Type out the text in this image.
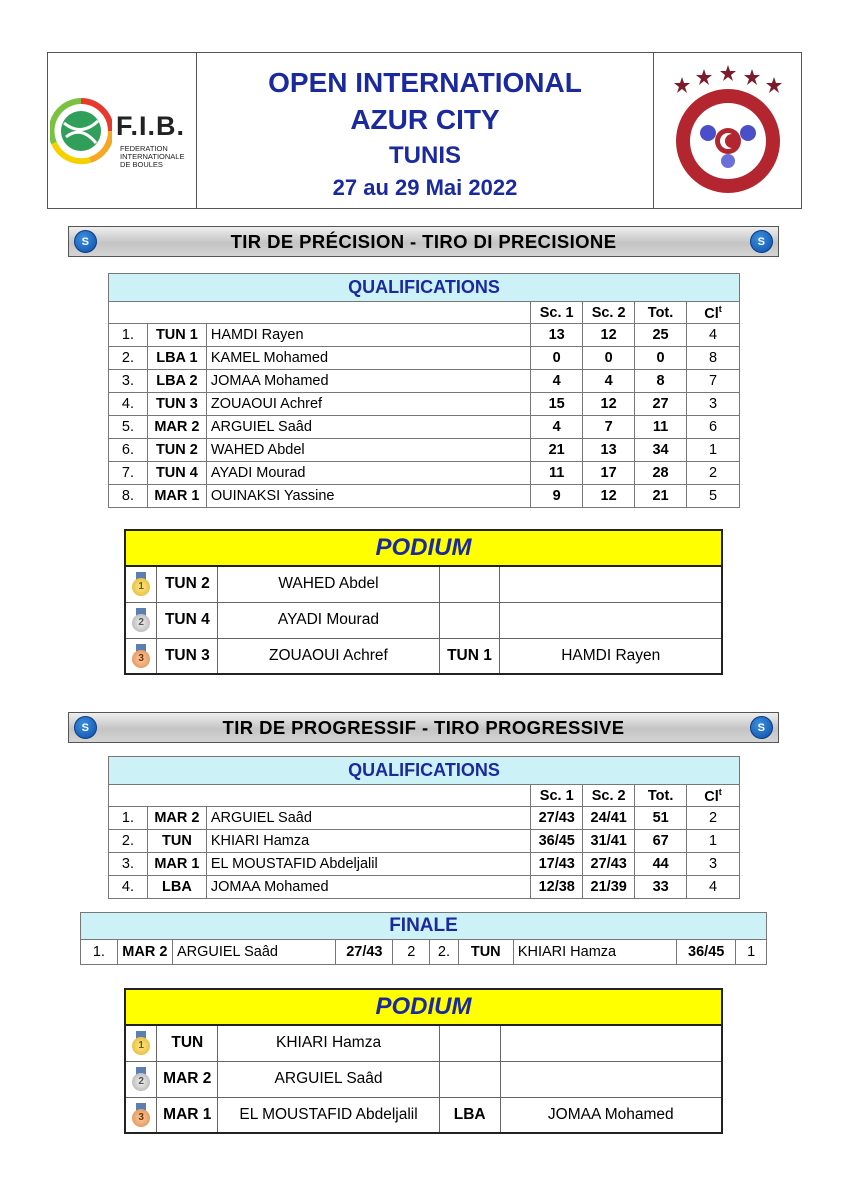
F.I.B.
FEDERATION
INTERNATIONALE
DE BOULES

OPEN INTERNATIONAL
AZUR CITY
TUNIS
27 au 29 Mai 2022

S	TIR DE PRÉCISION - TIRO DI PRECISIONE	S
QUALIFICATIONS						
			Sc. 1	Sc. 2	Tot.	Cl$^t$
1.	TUN 1	HAMDI Rayen	13	12	25	4
2.	LBA 1	KAMEL Mohamed	0	0	0	8
3.	LBA 2	JOMAA Mohamed	4	4	8	7
4.	TUN 3	ZOUAOUI Achref	15	12	27	3
5.	MAR 2	ARGUIEL Saâd	4	7	11	6
6.	TUN 2	WAHED Abdel	21	13	34	1
7.	TUN 4	AYADI Mourad	11	17	28	2
8.	MAR 1	OUINAKSI Yassine	9	12	21	5
PODIUM				

1	TUN 2	WAHED Abdel		

2	TUN 4	AYADI Mourad		

3	TUN 3	ZOUAOUI Achref	TUN 1	HAMDI Rayen
S	TIR DE PROGRESSIF - TIRO PROGRESSIVE	S
QUALIFICATIONS						
			Sc. 1	Sc. 2	Tot.	Cl$^t$
1.	MAR 2	ARGUIEL Saâd	27/43	24/41	51	2
2.	TUN	KHIARI Hamza	36/45	31/41	67	1
3.	MAR 1	EL MOUSTAFID Abdeljalil	17/43	27/43	44	3
4.	LBA	JOMAA Mohamed	12/38	21/39	33	4
FINALE
1.	MAR 2	ARGUIEL Saâd	27/43	2	2.	TUN	KHIARI Hamza	36/45	1
PODIUM				

1	TUN	KHIARI Hamza		

2	MAR 2	ARGUIEL Saâd		

3	MAR 1	EL MOUSTAFID Abdeljalil	LBA	JOMAA Mohamed
